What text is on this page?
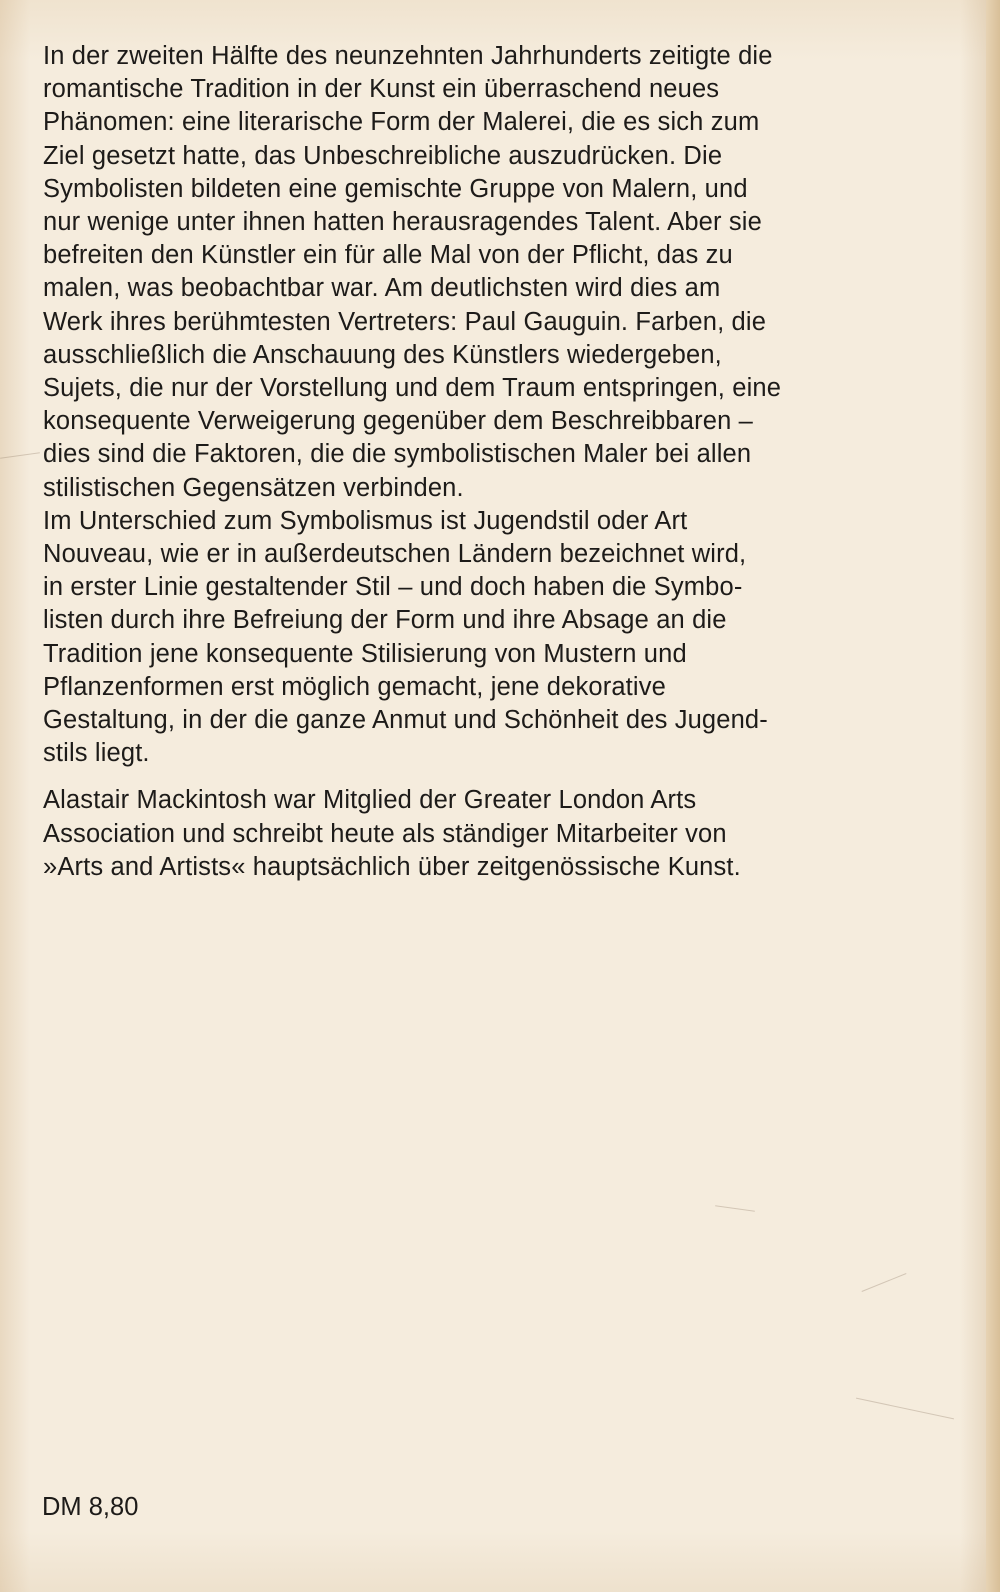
In der zweiten Hälfte des neunzehnten Jahrhunderts zeitigte die
romantische Tradition in der Kunst ein überraschend neues
Phänomen: eine literarische Form der Malerei, die es sich zum
Ziel gesetzt hatte, das Unbeschreibliche auszudrücken. Die
Symbolisten bildeten eine gemischte Gruppe von Malern, und
nur wenige unter ihnen hatten herausragendes Talent. Aber sie
befreiten den Künstler ein für alle Mal von der Pflicht, das zu
malen, was beobachtbar war. Am deutlichsten wird dies am
Werk ihres berühmtesten Vertreters: Paul Gauguin. Farben, die
ausschließlich die Anschauung des Künstlers wiedergeben,
Sujets, die nur der Vorstellung und dem Traum entspringen, eine
konsequente Verweigerung gegenüber dem Beschreibbaren –
dies sind die Faktoren, die die symbolistischen Maler bei allen
stilistischen Gegensätzen verbinden.
Im Unterschied zum Symbolismus ist Jugendstil oder Art
Nouveau, wie er in außerdeutschen Ländern bezeichnet wird,
in erster Linie gestaltender Stil – und doch haben die Symbo-
listen durch ihre Befreiung der Form und ihre Absage an die
Tradition jene konsequente Stilisierung von Mustern und
Pflanzenformen erst möglich gemacht, jene dekorative
Gestaltung, in der die ganze Anmut und Schönheit des Jugend-
stils liegt.
Alastair Mackintosh war Mitglied der Greater London Arts
Association und schreibt heute als ständiger Mitarbeiter von
»Arts and Artists« hauptsächlich über zeitgenössische Kunst.
DM 8,80
